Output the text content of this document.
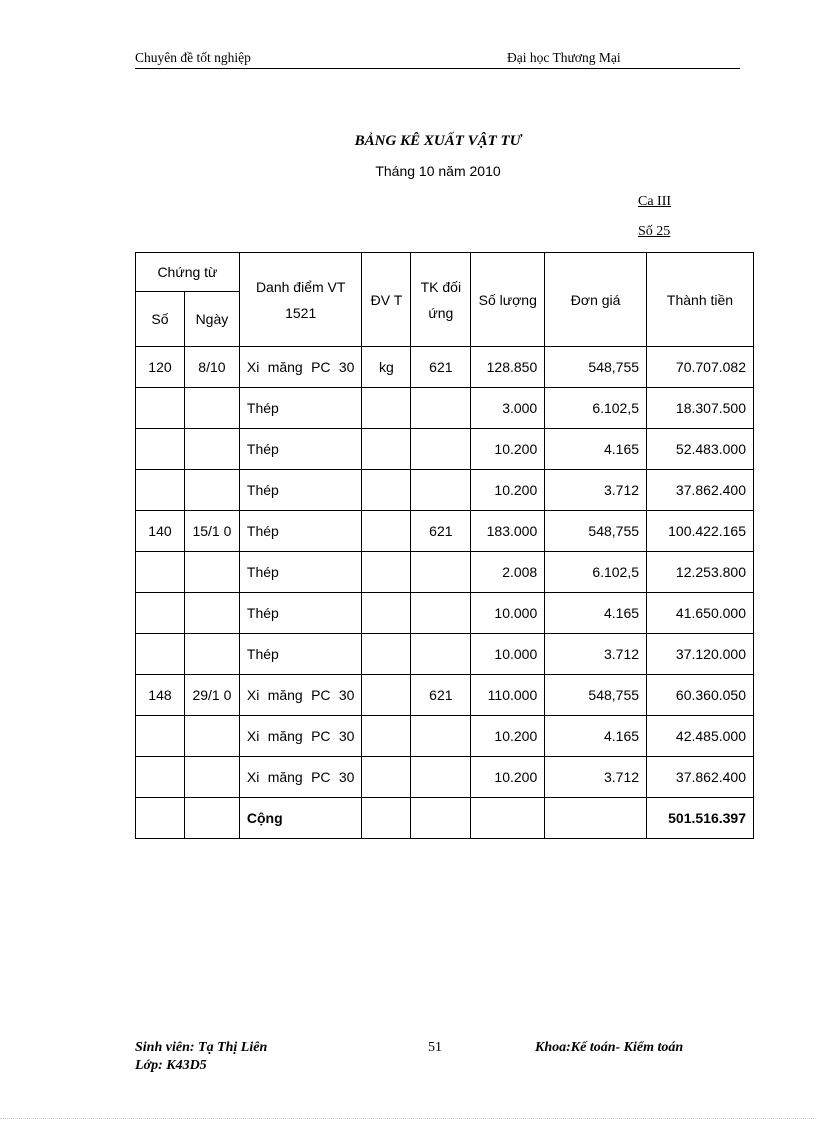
Chuyên đề tốt nghiệp	Đại học Thương Mại
BẢNG KÊ XUẤT VẬT TƯ
Tháng 10 năm 2010
Ca III
Số 25
Chứng từ		Danh điểm VT 1521	ĐV T	TK đối ứng	Số lượng	Đơn giá	Thành tiền
Số	Ngày						
120	8/10	Xi măng PC 30	kg	621	128.850	548,755	70.707.082
		Thép			3.000	6.102,5	18.307.500
		Thép			10.200	4.165	52.483.000
		Thép			10.200	3.712	37.862.400
140	15/1 0	Thép		621	183.000	548,755	100.422.165
		Thép			2.008	6.102,5	12.253.800
		Thép			10.000	4.165	41.650.000
		Thép			10.000	3.712	37.120.000
148	29/1 0	Xi măng PC 30		621	110.000	548,755	60.360.050
		Xi măng PC 30			10.200	4.165	42.485.000
		Xi măng PC 30			10.200	3.712	37.862.400
		Cộng					501.516.397
Sinh viên: Tạ Thị Liên	51	Khoa:Kế toán- Kiểm toán
Lớp: K43D5
